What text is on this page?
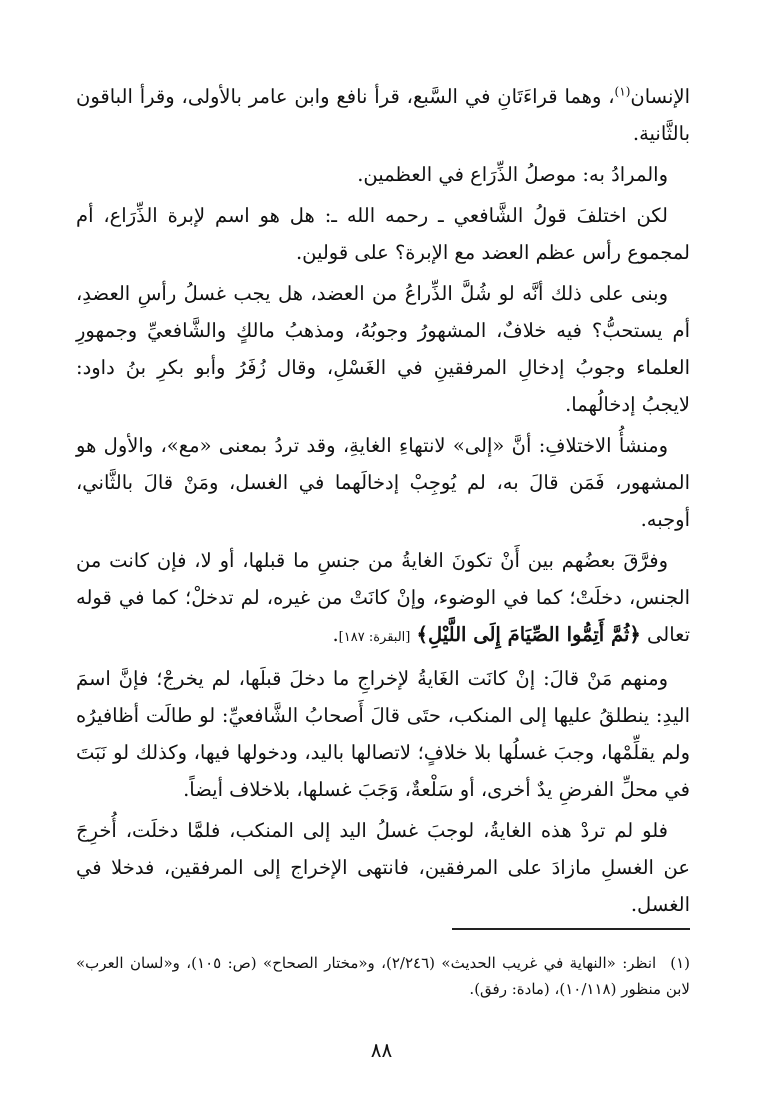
الإنسان$^{(١)}$، وهما قراءَتَانِ في السَّبع، قرأ نافع وابن عامر بالأولى، وقرأ الباقون بالثَّانية.

والمرادُ به: موصلُ الذِّرَاع في العظمين.

لكن اختلفَ قولُ الشَّافعي ـ رحمه الله ـ: هل هو اسم لإبرة الذِّرَاع، أم لمجموع رأس عظم العضد مع الإبرة؟ على قولين.

وبنى على ذلك أنَّه لو شُلَّ الذِّراعُ من العضد، هل يجب غسلُ رأسِ العضدِ، أم يستحبُّ؟ فيه خلافٌ، المشهورُ وجوبُهُ، ومذهبُ مالكٍ والشَّافعيِّ وجمهورِ العلماء وجوبُ إدخالِ المرفقينِ في الغَسْلِ، وقال زُفَرُ وأبو بكرِ بنُ داود: لايجبُ إدخالُهما.

ومنشأُ الاختلافِ: أنَّ «إلى» لانتهاءِ الغايةِ، وقد تردُ بمعنى «مع»، والأول هو المشهور، فَمَن قالَ به، لم يُوجِبْ إدخالَهما في الغسل، ومَنْ قالَ بالثَّاني، أوجبه.

وفرَّقَ بعضُهم بين أَنْ تكونَ الغايةُ من جنسِ ما قبلها، أو لا، فإن كانت من الجنس، دخلَتْ؛ كما في الوضوء، وإنْ كانَتْ من غيره، لم تدخلْ؛ كما في قوله تعالى ﴿ثُمَّ أَتِمُّوا الصِّيَامَ إِلَى اللَّيْلِ﴾ [البقرة: ١٨٧].

ومنهم مَنْ قالَ: إنْ كانَت الغَايةُ لإخراجِ ما دخلَ قبلَها، لم يخرجْ؛ فإنَّ اسمَ اليدِ: ينطلقُ عليها إلى المنكب، حتَى قالَ أَصحابُ الشَّافعيِّ: لو طالَت أظافيرُه ولم يقلِّمْها، وجبَ غسلُها بلا خلافٍ؛ لاتصالها باليد، ودخولها فيها، وكذلك لو نَبَتَ في محلِّ الفرضِ يدٌ أخرى، أو سَلْعةٌ، وَجَبَ غسلها، بلاخلاف أيضاً.

فلو لم تردْ هذه الغايةُ، لوجبَ غسلُ اليد إلى المنكب، فلمَّا دخلَت، أُخرِجَ عن الغسلِ مازادَ على المرفقين، فانتهى الإخراج إلى المرفقين، فدخلا في الغسل.

(١)انظر: «النهاية في غريب الحديث» (٢/٢٤٦)، و«مختار الصحاح» (ص: ١٠٥)، و«لسان العرب» لابن منظور (١٠/١١٨)، (مادة: رفق).
٨٨
